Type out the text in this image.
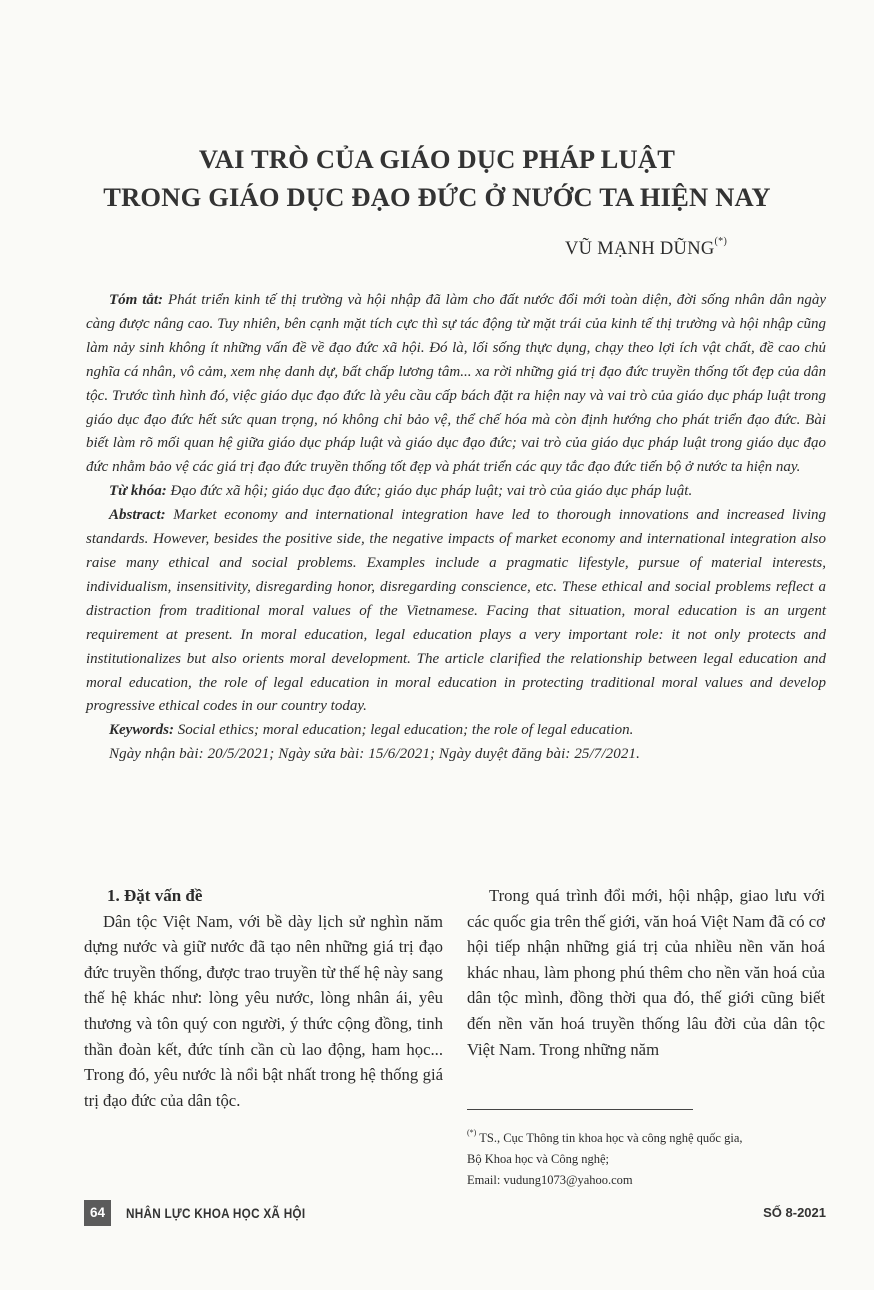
VAI TRÒ CỦA GIÁO DỤC PHÁP LUẬT
TRONG GIÁO DỤC ĐẠO ĐỨC Ở NƯỚC TA HIỆN NAY
VŨ MẠNH DŨNG(*)

Tóm tắt: Phát triển kinh tế thị trường và hội nhập đã làm cho đất nước đổi mới toàn diện, đời sống nhân dân ngày càng được nâng cao. Tuy nhiên, bên cạnh mặt tích cực thì sự tác động từ mặt trái của kinh tế thị trường và hội nhập cũng làm nảy sinh không ít những vấn đề về đạo đức xã hội. Đó là, lối sống thực dụng, chạy theo lợi ích vật chất, đề cao chủ nghĩa cá nhân, vô cảm, xem nhẹ danh dự, bất chấp lương tâm... xa rời những giá trị đạo đức truyền thống tốt đẹp của dân tộc. Trước tình hình đó, việc giáo dục đạo đức là yêu cầu cấp bách đặt ra hiện nay và vai trò của giáo dục pháp luật trong giáo dục đạo đức hết sức quan trọng, nó không chỉ bảo vệ, thể chế hóa mà còn định hướng cho phát triển đạo đức. Bài biết làm rõ mối quan hệ giữa giáo dục pháp luật và giáo dục đạo đức; vai trò của giáo dục pháp luật trong giáo dục đạo đức nhằm bảo vệ các giá trị đạo đức truyền thống tốt đẹp và phát triển các quy tắc đạo đức tiến bộ ở nước ta hiện nay.

Từ khóa: Đạo đức xã hội; giáo dục đạo đức; giáo dục pháp luật; vai trò của giáo dục pháp luật.

Abstract: Market economy and international integration have led to thorough innovations and increased living standards. However, besides the positive side, the negative impacts of market economy and international integration also raise many ethical and social problems. Examples include a pragmatic lifestyle, pursue of material interests, individualism, insensitivity, disregarding honor, disregarding conscience, etc. These ethical and social problems reflect a distraction from traditional moral values of the Vietnamese. Facing that situation, moral education is an urgent requirement at present. In moral education, legal education plays a very important role: it not only protects and institutionalizes but also orients moral development. The article clarified the relationship between legal education and moral education, the role of legal education in moral education in protecting traditional moral values and develop progressive ethical codes in our country today.

Keywords: Social ethics; moral education; legal education; the role of legal education.

Ngày nhận bài: 20/5/2021; Ngày sửa bài: 15/6/2021; Ngày duyệt đăng bài: 25/7/2021.

1. Đặt vấn đề

Dân tộc Việt Nam, với bề dày lịch sử nghìn năm dựng nước và giữ nước đã tạo nên những giá trị đạo đức truyền thống, được trao truyền từ thế hệ này sang thế hệ khác như: lòng yêu nước, lòng nhân ái, yêu thương và tôn quý con người, ý thức cộng đồng, tinh thần đoàn kết, đức tính cần cù lao động, ham học... Trong đó, yêu nước là nổi bật nhất trong hệ thống giá trị đạo đức của dân tộc.

Trong quá trình đổi mới, hội nhập, giao lưu với các quốc gia trên thế giới, văn hoá Việt Nam đã có cơ hội tiếp nhận những giá trị của nhiều nền văn hoá khác nhau, làm phong phú thêm cho nền văn hoá của dân tộc mình, đồng thời qua đó, thế giới cũng biết đến nền văn hoá truyền thống lâu đời của dân tộc Việt Nam. Trong những năm

(*) TS., Cục Thông tin khoa học và công nghệ quốc gia,
Bộ Khoa học và Công nghệ;
Email: vudung1073@yahoo.com
64	NHÂN LỰC KHOA HỌC XÃ HỘI	SỐ 8-2021
